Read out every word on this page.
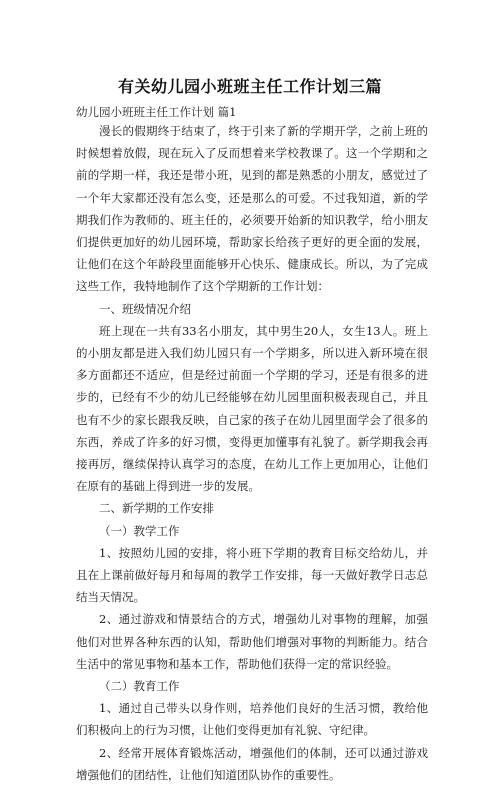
有关幼儿园小班班主任工作计划三篇
幼儿园小班班主任工作计划 篇1

漫长的假期终于结束了，终于引来了新的学期开学，之前上班的时候想着放假，现在玩入了反而想着来学校教课了。这一个学期和之前的学期一样，我还是带小班，见到的都是熟悉的小朋友，感觉过了一个年大家都还没有怎么变，还是那么的可爱。不过我知道，新的学期我们作为教师的、班主任的，必须要开始新的知识教学，给小朋友们提供更加好的幼儿园环境，帮助家长给孩子更好的更全面的发展，让他们在这个年龄段里面能够开心快乐、健康成长。所以，为了完成这些工作，我特地制作了这个学期新的工作计划：

一、班级情况介绍

班上现在一共有33名小朋友，其中男生20人，女生13人。班上的小朋友都是进入我们幼儿园只有一个学期多，所以进入新环境在很多方面都还不适应，但是经过前面一个学期的学习，还是有很多的进步的，已经有不少的幼儿已经能够在幼儿园里面积极表现自己，并且也有不少的家长跟我反映，自己家的孩子在幼儿园里面学会了很多的东西，养成了许多的好习惯，变得更加懂事有礼貌了。新学期我会再接再厉，继续保持认真学习的态度，在幼儿工作上更加用心，让他们在原有的基础上得到进一步的发展。

二、新学期的工作安排

（一）教学工作

1、按照幼儿园的安排，将小班下学期的教育目标交给幼儿，并且在上课前做好每月和每周的教学工作安排，每一天做好教学日志总结当天情况。

2、通过游戏和情景结合的方式，增强幼儿对事物的理解，加强他们对世界各种东西的认知，帮助他们增强对事物的判断能力。结合生活中的常见事物和基本工作，帮助他们获得一定的常识经验。

（二）教育工作

1、通过自己带头以身作则，培养他们良好的生活习惯，教给他们积极向上的行为习惯，让他们变得更加有礼貌、守纪律。

2、经常开展体育锻炼活动，增强他们的体制，还可以通过游戏增强他们的团结性，让他们知道团队协作的重要性。
